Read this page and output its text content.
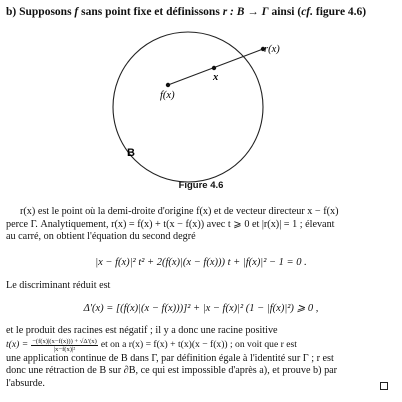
b) Supposons f sans point fixe et définissons r : B → Γ ainsi (cf. figure 4.6)
r(x)
f(x)
x
B
Figure 4.6
r(x) est le point où la demi-droite d'origine f(x) et de vecteur directeur x − f(x)
perce Γ. Analytiquement, r(x) = f(x) + t(x − f(x)) avec t ⩾ 0 et |r(x)| = 1 ; élevant
au carré, on obtient l'équation du second degré
|x − f(x)|² t² + 2(f(x)|(x − f(x))) t + |f(x)|² − 1 = 0 .
Le discriminant réduit est
Δ′(x) = [(f(x)|(x − f(x)))]² + |x − f(x)|² (1 − |f(x)|²) ⩾ 0 ,
et le produit des racines est négatif ; il y a donc une racine positive
$t(x) = \frac{-(f(x)|(x-f(x))) + √\Delta'(x)}{\text{|x−f(x)|²}}$ et on a r(x) = f(x) + t(x)(x − f(x)) ; on voit que r est
une application continue de B dans Γ, par définition égale à l'identité sur Γ ; r est
donc une rétraction de B sur ∂B, ce qui est impossible d'après a), et prouve b) par
l'absurde.
